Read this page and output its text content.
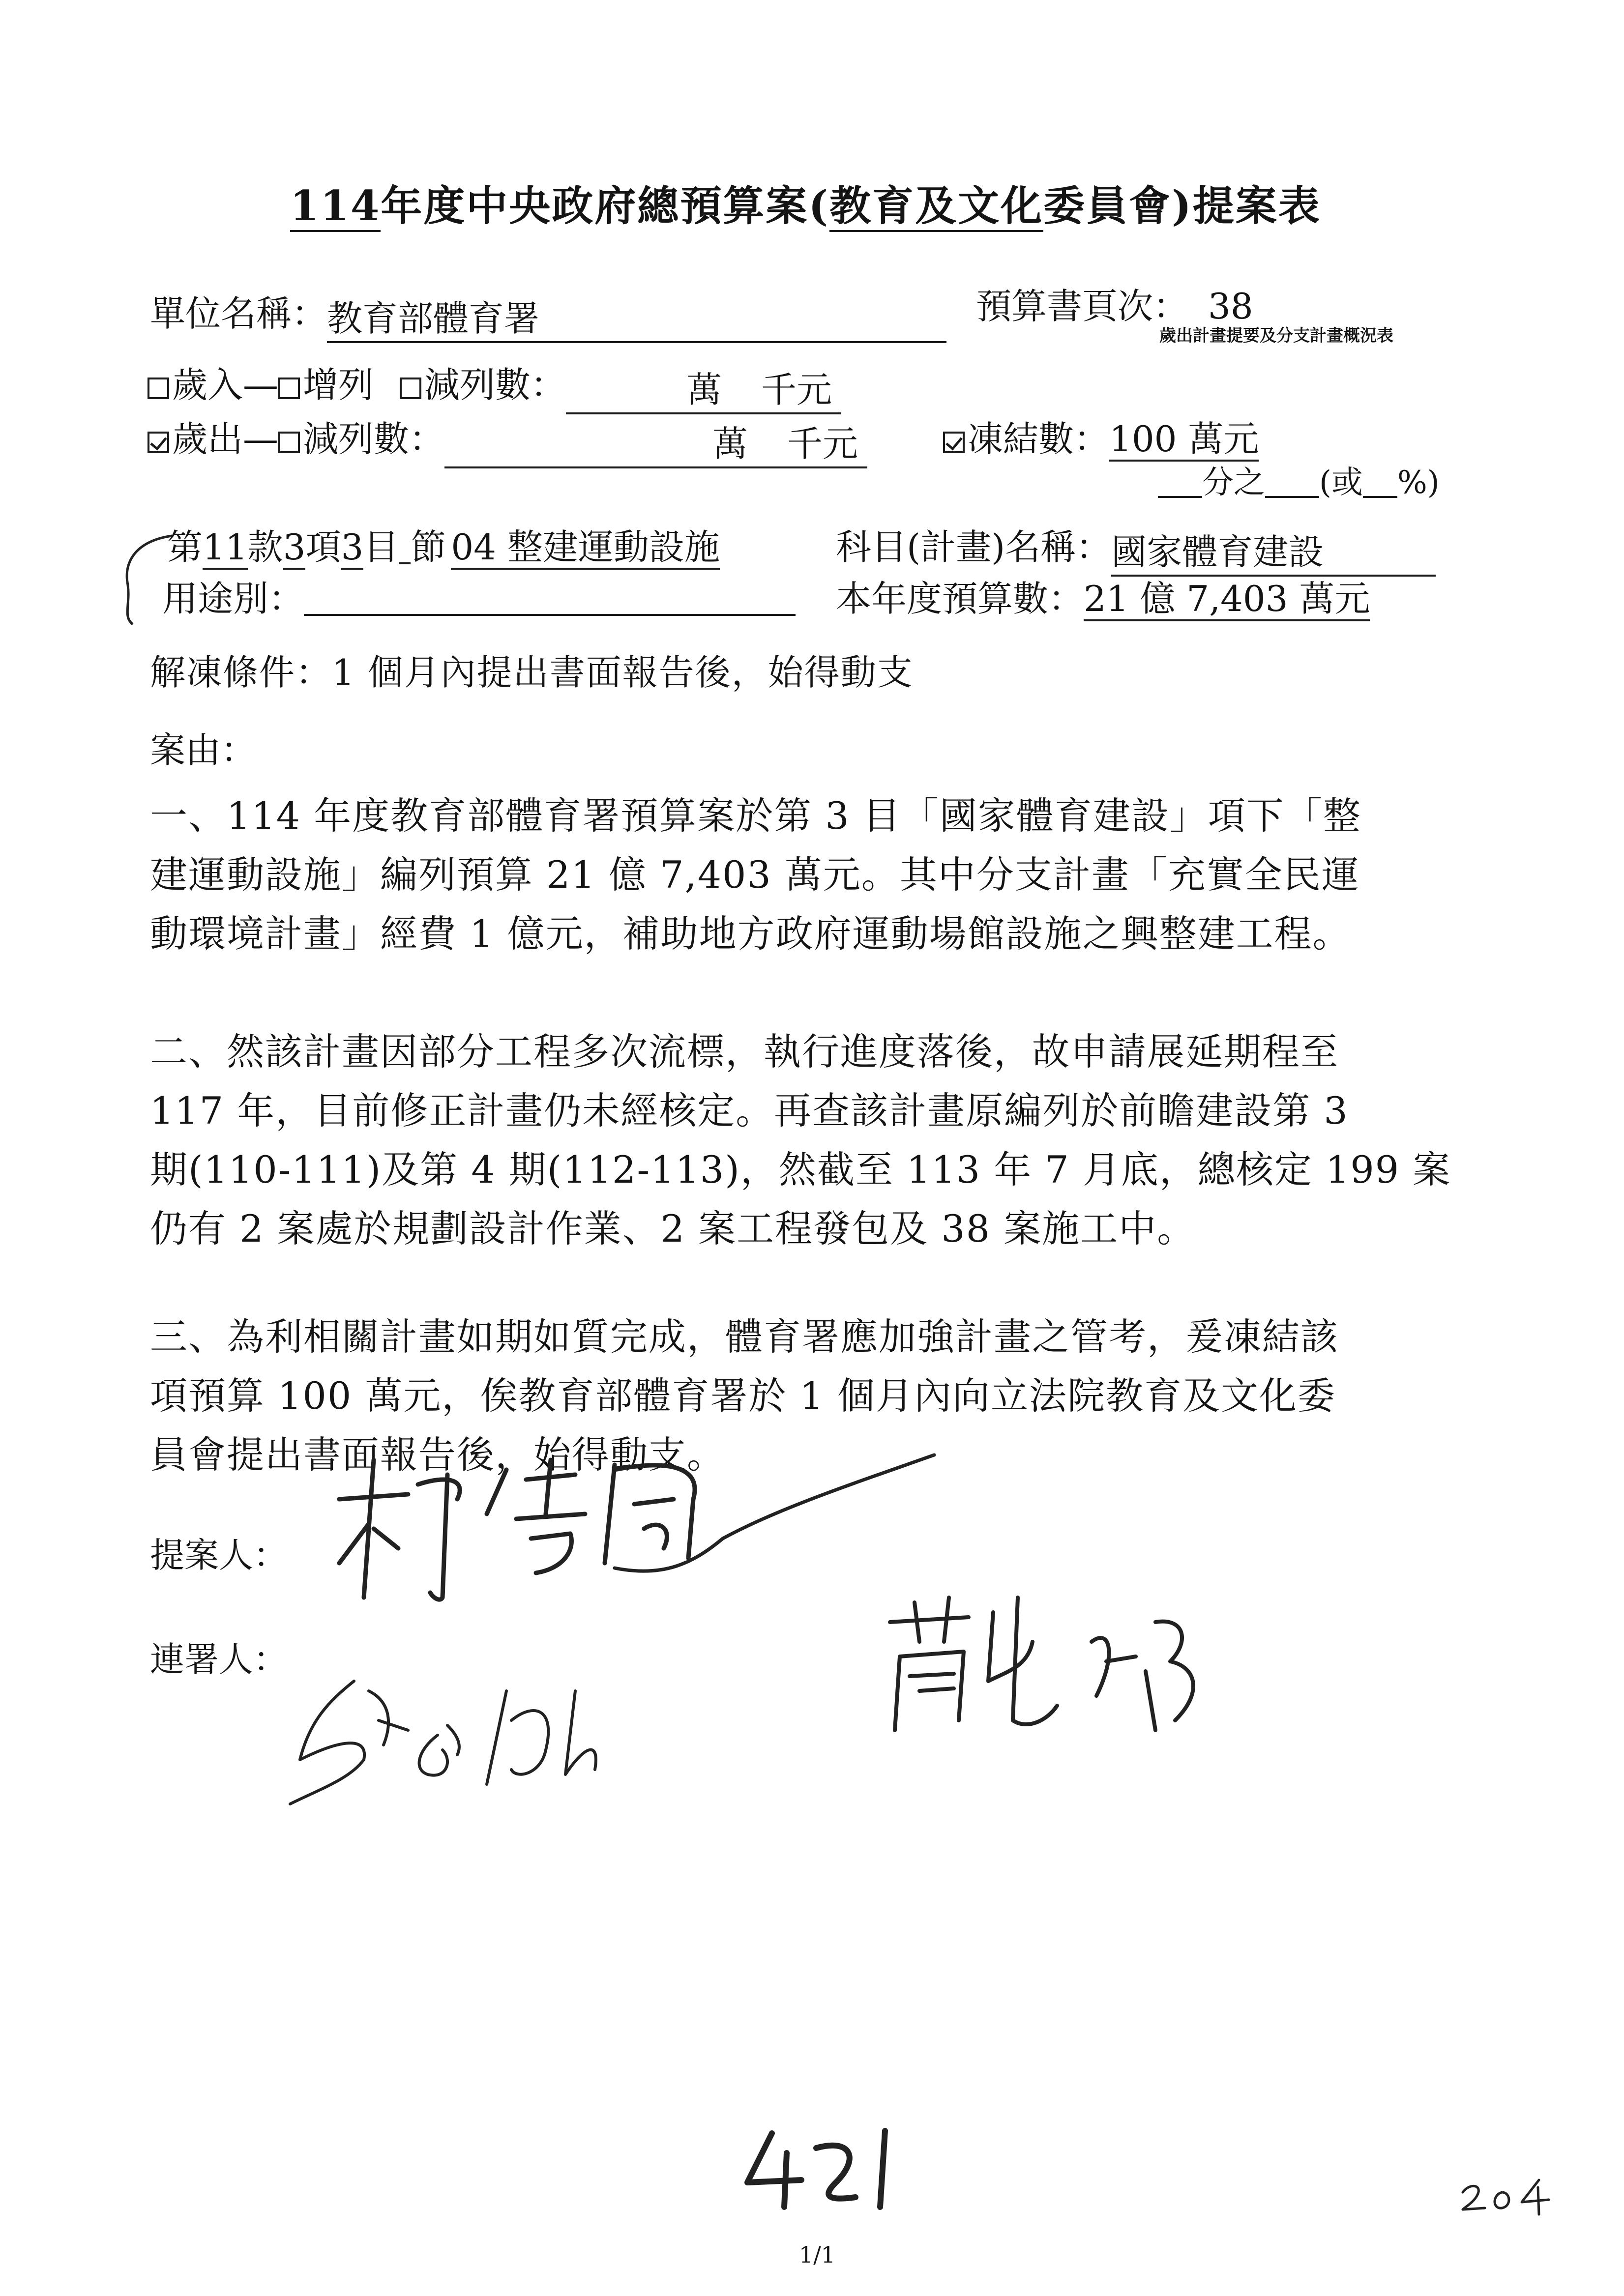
114年度中央政府總預算案(教育及文化委員會)提案表
單位名稱：教育部體育署	預算書頁次： 38
歲出計畫提要及分支計畫概況表
歲入— 增列 減列數：	萬 千元
歲出— 減列數：	萬 千元	凍結數：100 萬元
分之 (或 %)
第11款3項3目 節 04 整建運動設施	科目(計畫)名稱：國家體育建設
用途別：	本年度預算數：21 億 7,403 萬元
解凍條件：1 個月內提出書面報告後，始得動支
案由：
一、114 年度教育部體育署預算案於第 3 目「國家體育建設」項下「整
建運動設施」編列預算 21 億 7,403 萬元。其中分支計畫「充實全民運
動環境計畫」經費 1 億元，補助地方政府運動場館設施之興整建工程。
二、然該計畫因部分工程多次流標，執行進度落後，故申請展延期程至
117 年，目前修正計畫仍未經核定。再查該計畫原編列於前瞻建設第 3
期(110-111)及第 4 期(112-113)，然截至 113 年 7 月底，總核定 199 案
仍有 2 案處於規劃設計作業、2 案工程發包及 38 案施工中。
三、為利相關計畫如期如質完成，體育署應加強計畫之管考，爰凍結該
項預算 100 萬元，俟教育部體育署於 1 個月內向立法院教育及文化委
員會提出書面報告後，始得動支。
提案人：
連署人：
1/1
